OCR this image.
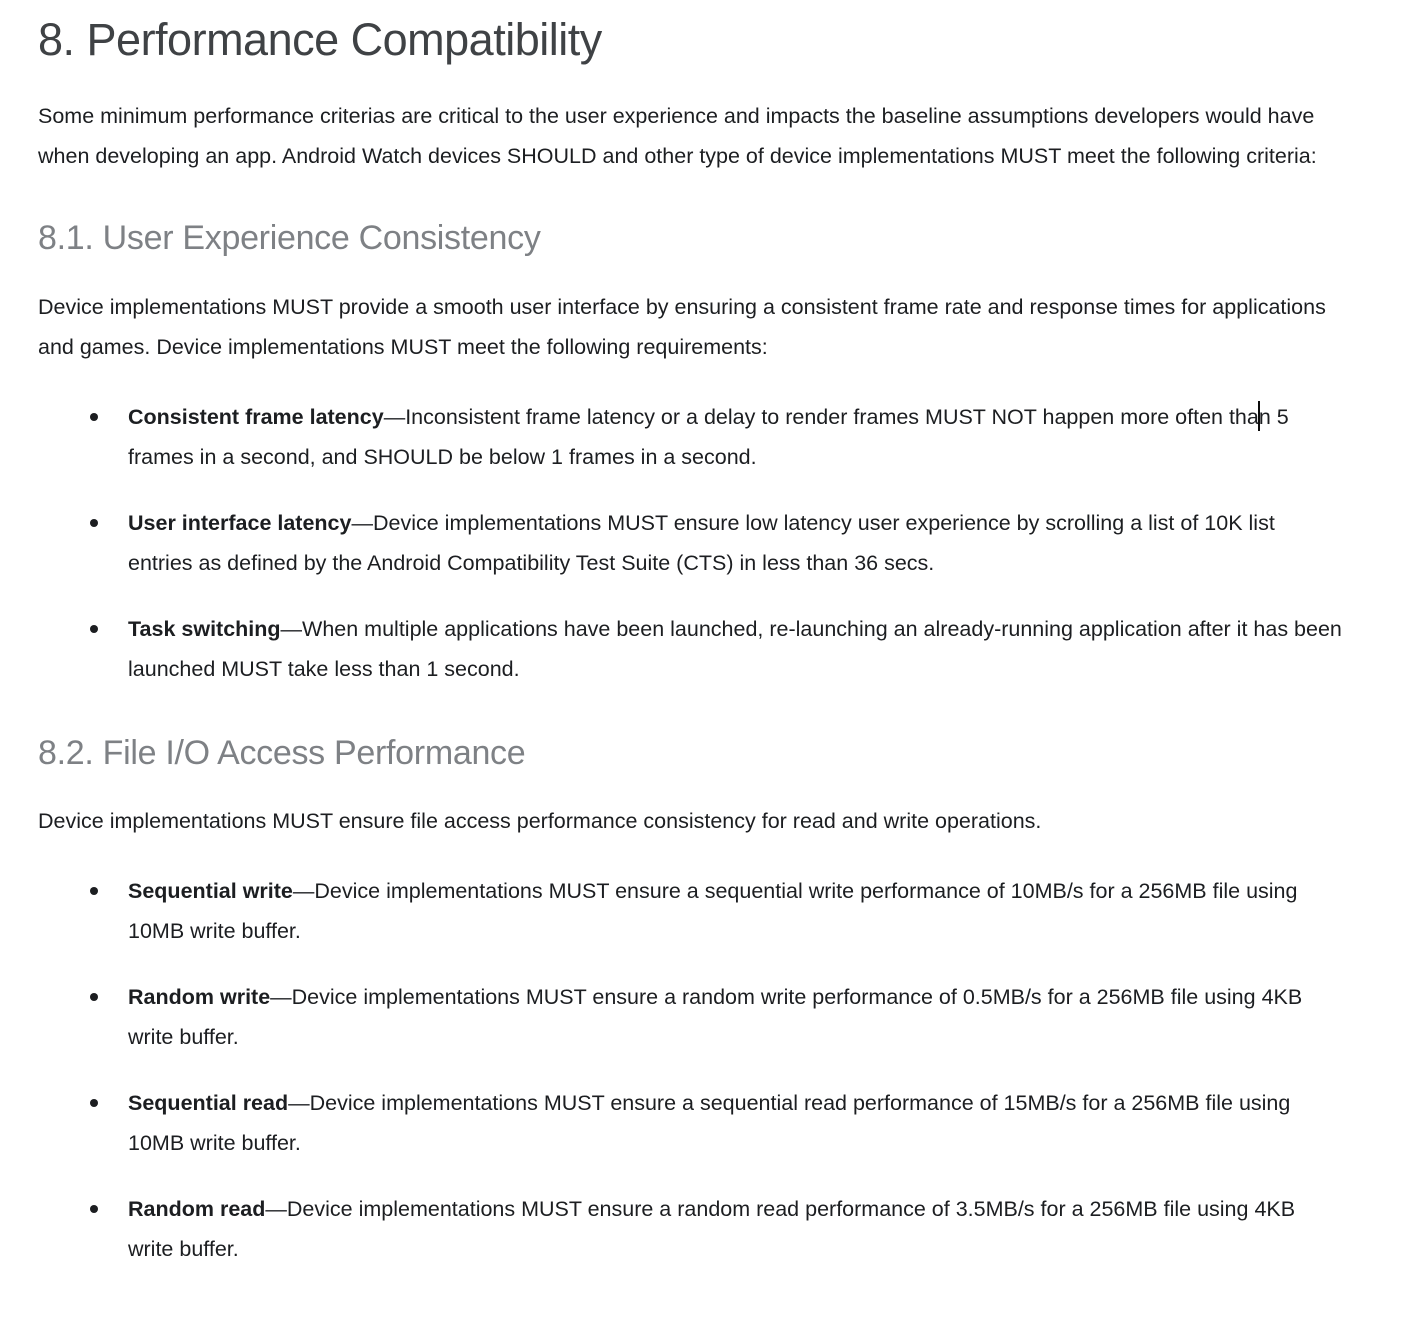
8. Performance Compatibility

Some minimum performance criterias are critical to the user experience and impacts the baseline assumptions developers would have when developing an app. Android Watch devices SHOULD and other type of device implementations MUST meet the following criteria:

8.1. User Experience Consistency

Device implementations MUST provide a smooth user interface by ensuring a consistent frame rate and response times for applications and games. Device implementations MUST meet the following requirements:

Consistent frame latency—Inconsistent frame latency or a delay to render frames MUST NOT happen more often than 5 frames in a second, and SHOULD be below 1 frames in a second.
User interface latency—Device implementations MUST ensure low latency user experience by scrolling a list of 10K list entries as defined by the Android Compatibility Test Suite (CTS) in less than 36 secs.
Task switching—When multiple applications have been launched, re-launching an already-running application after it has been launched MUST take less than 1 second.
8.2. File I/O Access Performance

Device implementations MUST ensure file access performance consistency for read and write operations.

Sequential write—Device implementations MUST ensure a sequential write performance of 10MB/s for a 256MB file using 10MB write buffer.
Random write—Device implementations MUST ensure a random write performance of 0.5MB/s for a 256MB file using 4KB write buffer.
Sequential read—Device implementations MUST ensure a sequential read performance of 15MB/s for a 256MB file using 10MB write buffer.
Random read—Device implementations MUST ensure a random read performance of 3.5MB/s for a 256MB file using 4KB write buffer.
